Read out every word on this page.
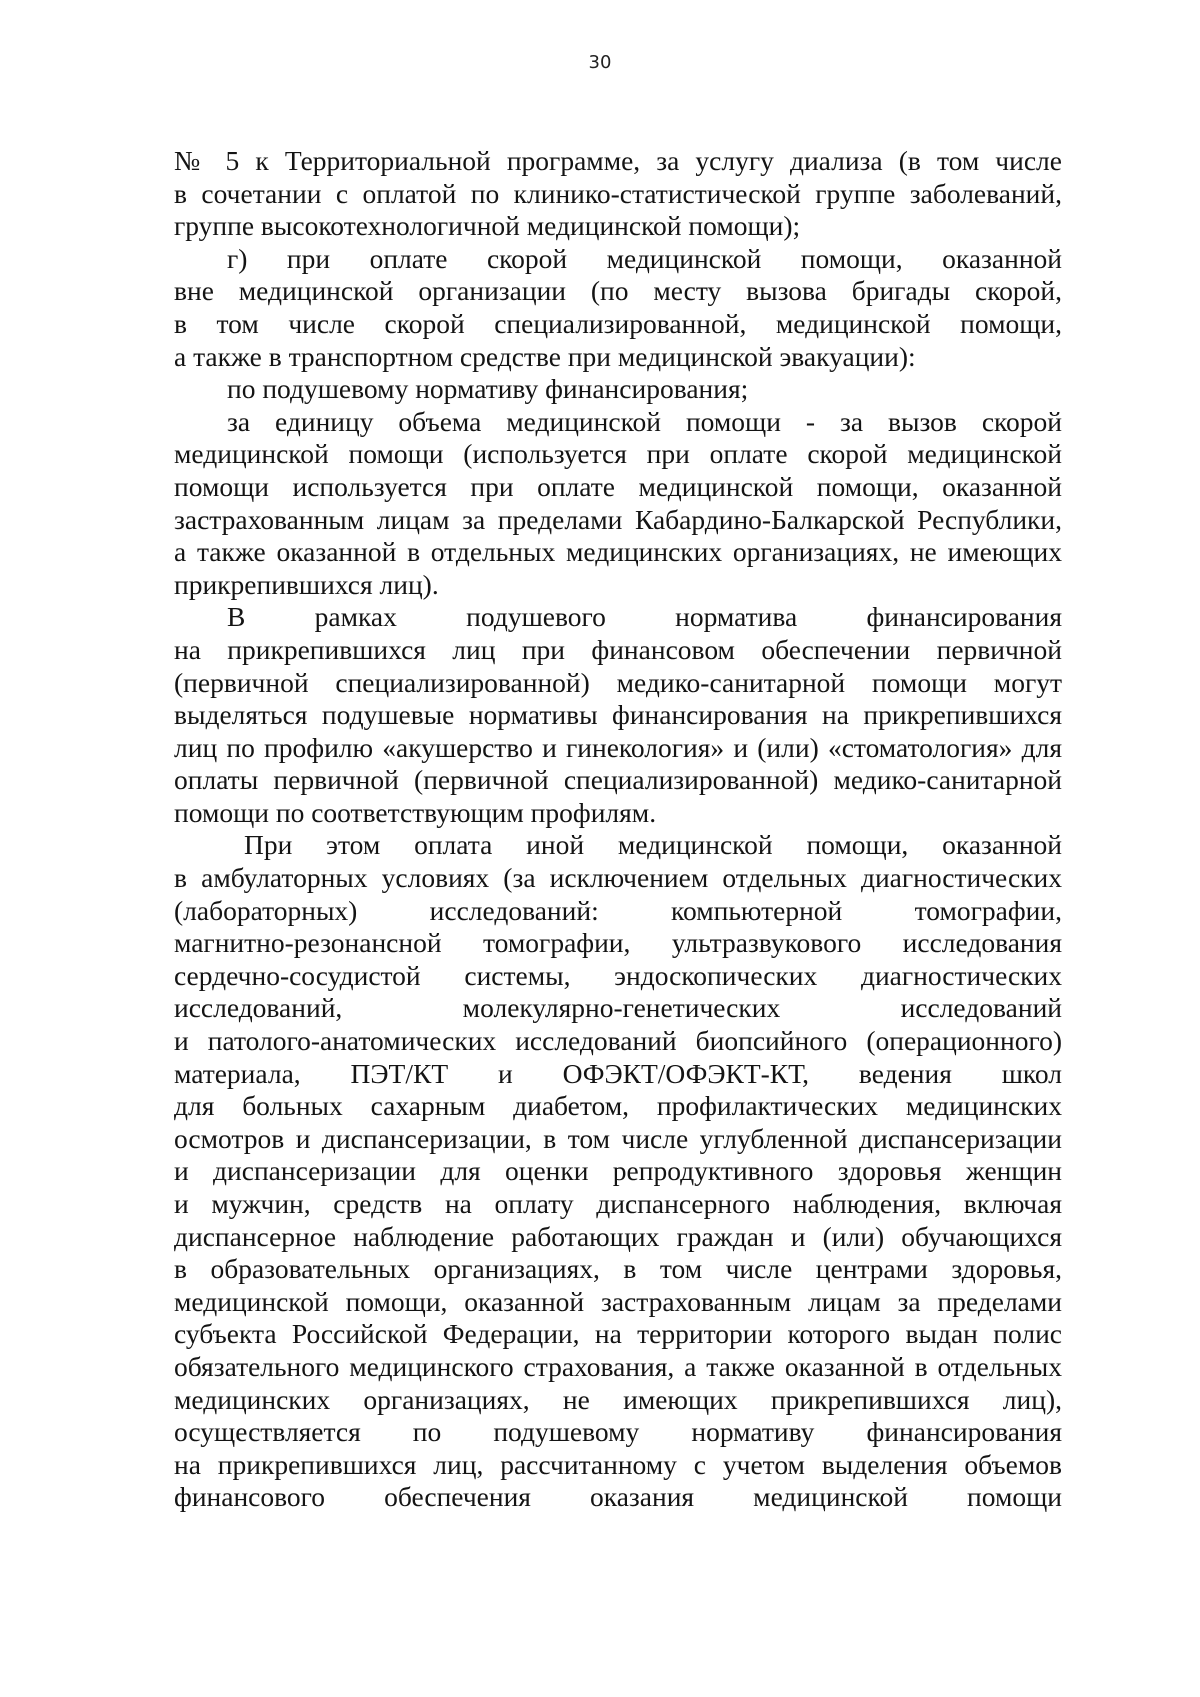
30
№ 5 к Территориальной программе, за услугу диализа (в том числе
в сочетании с оплатой по клинико-статистической группе заболеваний,
группе высокотехнологичной медицинской помощи);
г) при оплате скорой медицинской помощи, оказанной
вне медицинской организации (по месту вызова бригады скорой,
в том числе скорой специализированной, медицинской помощи,
а также в транспортном средстве при медицинской эвакуации):
по подушевому нормативу финансирования;
за единицу объема медицинской помощи - за вызов скорой
медицинской помощи (используется при оплате скорой медицинской
помощи используется при оплате медицинской помощи, оказанной
застрахованным лицам за пределами Кабардино-Балкарской Республики,
а также оказанной в отдельных медицинских организациях, не имеющих
прикрепившихся лиц).
В рамках подушевого норматива финансирования
на прикрепившихся лиц при финансовом обеспечении первичной
(первичной специализированной) медико-санитарной помощи могут
выделяться подушевые нормативы финансирования на прикрепившихся
лиц по профилю «акушерство и гинекология» и (или) «стоматология» для
оплаты первичной (первичной специализированной) медико-санитарной
помощи по соответствующим профилям.
При этом оплата иной медицинской помощи, оказанной
в амбулаторных условиях (за исключением отдельных диагностических
(лабораторных) исследований: компьютерной томографии,
магнитно-резонансной томографии, ультразвукового исследования
сердечно-сосудистой системы, эндоскопических диагностических
исследований, молекулярно-генетических исследований
и патолого-анатомических исследований биопсийного (операционного)
материала, ПЭТ/КТ и ОФЭКТ/ОФЭКТ-КТ, ведения школ
для больных сахарным диабетом, профилактических медицинских
осмотров и диспансеризации, в том числе углубленной диспансеризации
и диспансеризации для оценки репродуктивного здоровья женщин
и мужчин, средств на оплату диспансерного наблюдения, включая
диспансерное наблюдение работающих граждан и (или) обучающихся
в образовательных организациях, в том числе центрами здоровья,
медицинской помощи, оказанной застрахованным лицам за пределами
субъекта Российской Федерации, на территории которого выдан полис
обязательного медицинского страхования, а также оказанной в отдельных
медицинских организациях, не имеющих прикрепившихся лиц),
осуществляется по подушевому нормативу финансирования
на прикрепившихся лиц, рассчитанному с учетом выделения объемов
финансового обеспечения оказания медицинской помощи
